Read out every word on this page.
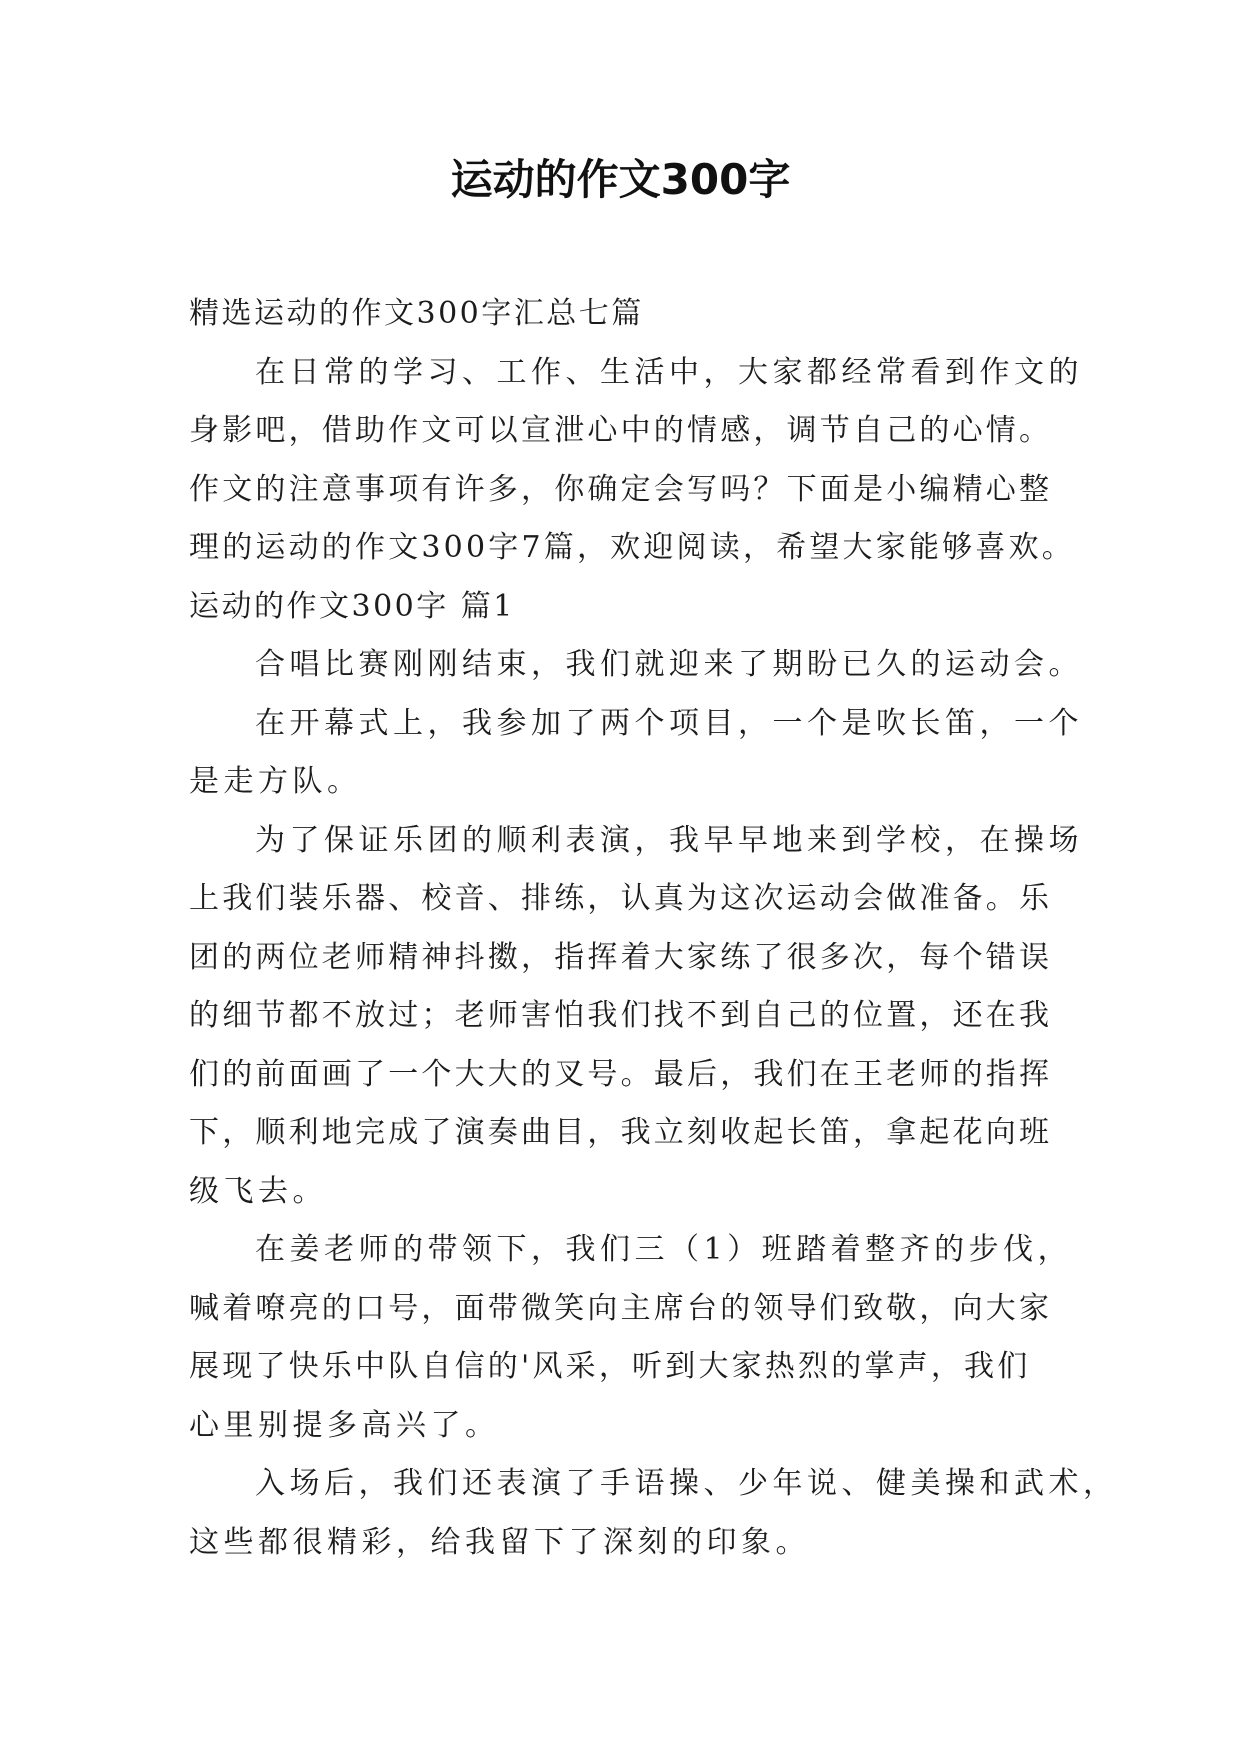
运动的作文300字

精选运动的作文300字汇总七篇

在日常的学习、工作、生活中，大家都经常看到作文的

身影吧，借助作文可以宣泄心中的情感，调节自己的心情。

作文的注意事项有许多，你确定会写吗？下面是小编精心整

理的运动的作文300字7篇，欢迎阅读，希望大家能够喜欢。

运动的作文300字 篇1

合唱比赛刚刚结束，我们就迎来了期盼已久的运动会。

在开幕式上，我参加了两个项目，一个是吹长笛，一个

是走方队。

为了保证乐团的顺利表演，我早早地来到学校，在操场

上我们装乐器、校音、排练，认真为这次运动会做准备。乐

团的两位老师精神抖擞，指挥着大家练了很多次，每个错误

的细节都不放过；老师害怕我们找不到自己的位置，还在我

们的前面画了一个大大的叉号。最后，我们在王老师的指挥

下，顺利地完成了演奏曲目，我立刻收起长笛，拿起花向班

级飞去。

在姜老师的带领下，我们三（1）班踏着整齐的步伐，

喊着嘹亮的口号，面带微笑向主席台的领导们致敬，向大家

展现了快乐中队自信的'风采，听到大家热烈的掌声，我们

心里别提多高兴了。

入场后，我们还表演了手语操、少年说、健美操和武术，

这些都很精彩，给我留下了深刻的印象。
